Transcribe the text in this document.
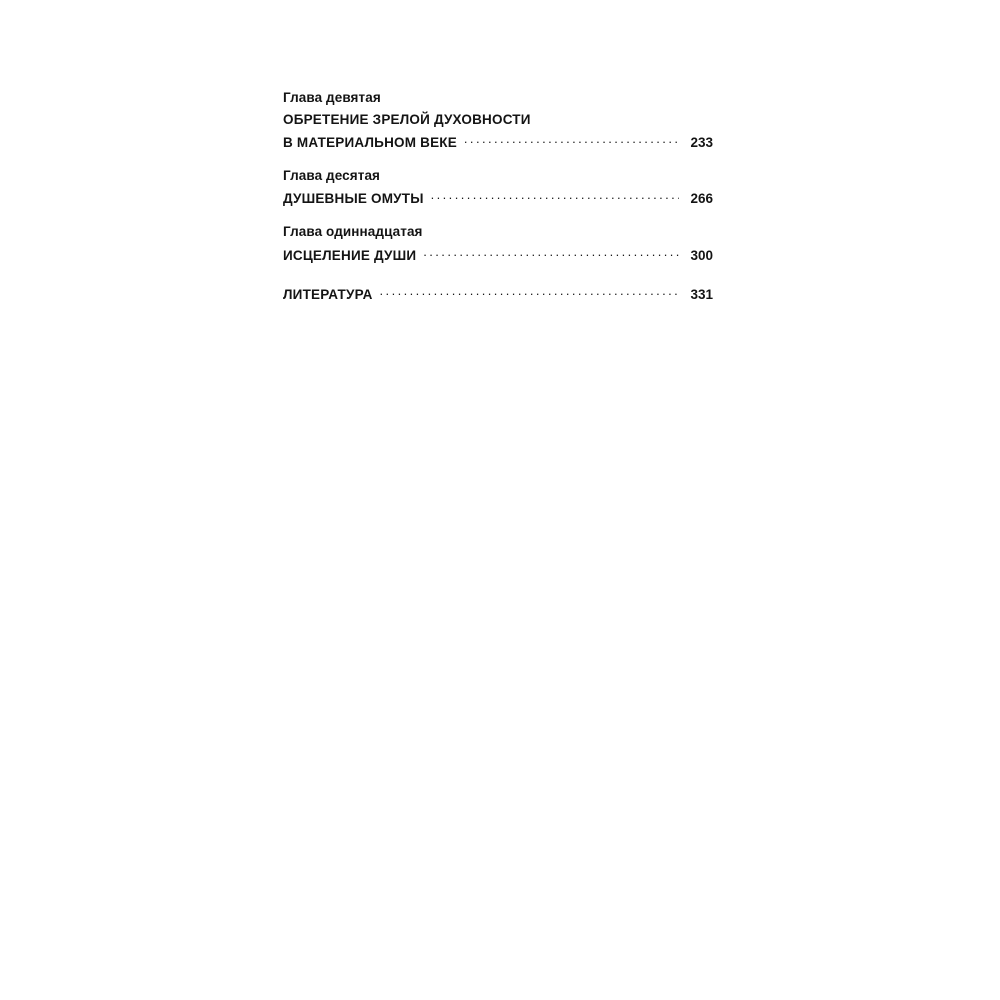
Глава девятая
ОБРЕТЕНИЕ ЗРЕЛОЙ ДУХОВНОСТИ
В МАТЕРИАЛЬНОМ ВЕКЕ .....	233
Глава десятая
ДУШЕВНЫЕ ОМУТЫ .....	266
Глава одиннадцатая
ИСЦЕЛЕНИЕ ДУШИ .....	300
ЛИТЕРАТУРА .....	331
